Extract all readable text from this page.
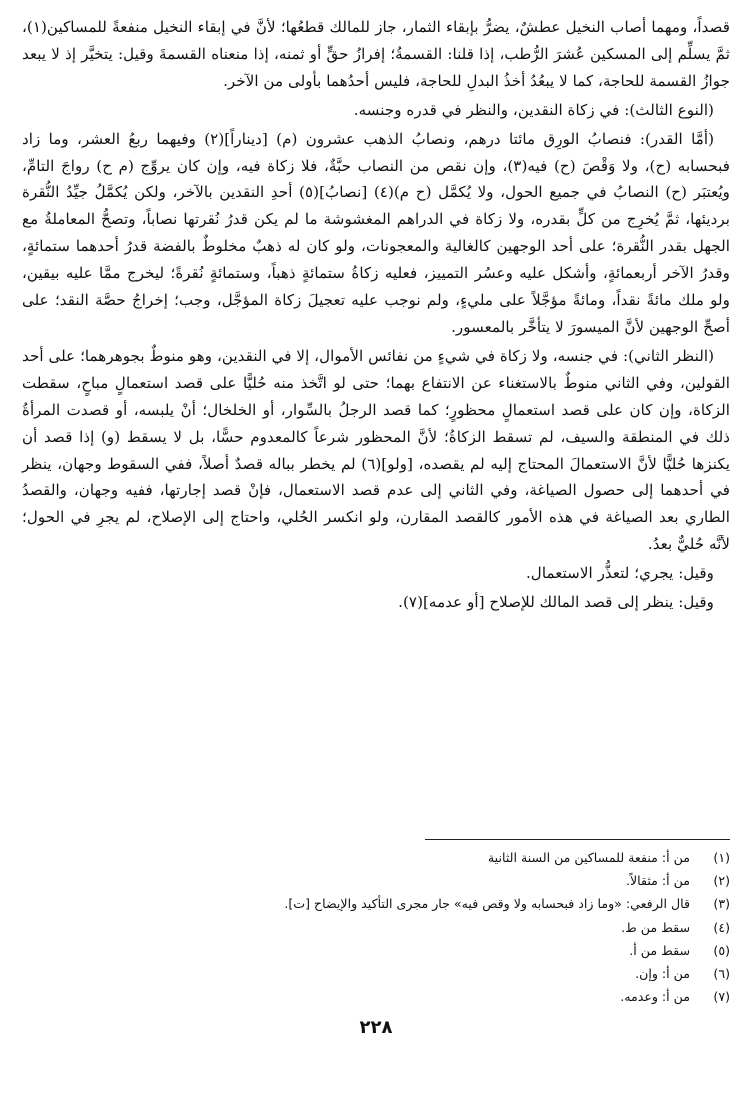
قصداً، ومهما أصاب النخيل عطشٌ، يضرُّ بإبقاء الثمار، جاز للمالك قطعُها؛ لأنَّ في إبقاء النخيل منفعةً للمساكين(١)، ثمَّ يسلِّم إلى المسكين عُشرَ الرُّطب، إذا قلنا: القسمةُ؛ إفرازُ حقٍّ أو ثمنه، إذا منعناه القسمةَ وقيل: يتخيَّر إذ لا يبعد جوازُ القسمة للحاجة، كما لا يبعُدُ أخذُ البدلِ للحاجة، فليس أحدُهما بأولى من الآخر.

(النوع الثالث): في زكاة النقدين، والنظر في قدره وجنسه.

(أمَّا القدر): فنصابُ الورِق مائتا درهم، ونصابُ الذهب عشرون (م) [ديناراً](٢) وفيهما ربعُ العشر، وما زاد فبحسابه (ح)، ولا وَقْصَ (ح) فيه(٣)، وإن نقص من النصاب حبَّةٌ، فلا زكاة فيه، وإن كان يروِّج (م ح) رواجَ التامِّ، ويُعتبَر (ح) النصابُ في جميع الحول، ولا يُكمَّل (ح م)(٤) [نصابُ](٥) أحدِ النقدين بالآخر، ولكن يُكمَّلُ جيِّدُ النُّقرة برديئها، ثمَّ يُخرِج من كلٍّ بقدره، ولا زكاة في الدراهم المغشوشة ما لم يكن قدرُ نُقرتها نصاباً، وتصحُّ المعاملةُ مع الجهل بقدر النُّقرة؛ على أحد الوجهين كالغالية والمعجونات، ولو كان له ذهبٌ مخلوطٌ بالفضة قدرُ أحدهما ستمائةٍ، وقدرُ الآخر أربعمائةٍ، وأشكل عليه وعسُر التمييز، فعليه زكاةُ ستمائةٍ ذهباً، وستمائةٍ نُقرةً؛ ليخرج ممَّا عليه بيقين، ولو ملك مائةً نقداً، ومائةً مؤجَّلاً على مليءٍ، ولم نوجب عليه تعجيلَ زكاة المؤجَّل، وجب؛ إخراجُ حصَّة النقد؛ على أصحِّ الوجهين لأنَّ الميسورَ لا يتأخَّر بالمعسور.

(النظر الثاني): في جنسه، ولا زكاة في شيءٍ من نفائس الأموال، إلا في النقدين، وهو منوطٌ بجوهرهما؛ على أحد القولين، وفي الثاني منوطٌ بالاستغناء عن الانتفاع بهما؛ حتى لو اتَّخذ منه حُليًّا على قصد استعمالٍ مباحٍ، سقطت الزكاة، وإن كان على قصد استعمالٍ محظورٍ؛ كما قصد الرجلُ بالسِّوار، أو الخلخال؛ أنْ يلبسه، أو قصدت المرأةُ ذلك في المنطقة والسيف، لم تسقط الزكاةُ؛ لأنَّ المحظور شرعاً كالمعدوم حسًّا، بل لا يسقط (و) إذا قصد أن يكنزها حُليًّا لأنَّ الاستعمالَ المحتاج إليه لم يقصده، [ولو](٦) لم يخطر بباله قصدٌ أصلاً، ففي السقوط وجهان، ينظر في أحدهما إلى حصول الصياغة، وفي الثاني إلى عدم قصد الاستعمال، فإنْ قصد إجارتها، ففيه وجهان، والقصدُ الطاري بعد الصياغة في هذه الأمور كالقصد المقارن، ولو انكسر الحُلي، واحتاج إلى الإصلاح، لم يجرِ في الحول؛ لأنَّه حُليٌّ بعدُ.

وقيل: يجري؛ لتعذُّر الاستعمال.

وقيل: ينظر إلى قصد المالك للإصلاح [أو عدمه](٧).

(١)
من أ: منفعة للمساكين من السنة الثانية
(٢)
من أ: مثقالاً.
(٣)
قال الرفعي: «وما زاد فبحسابه ولا وقص فيه» جار مجرى التأكيد والإيضاح [ت].
(٤)
سقط من ط.
(٥)
سقط من أ.
(٦)
من أ: وإن.
(٧)
من أ: وعدمه.
٢٢٨
